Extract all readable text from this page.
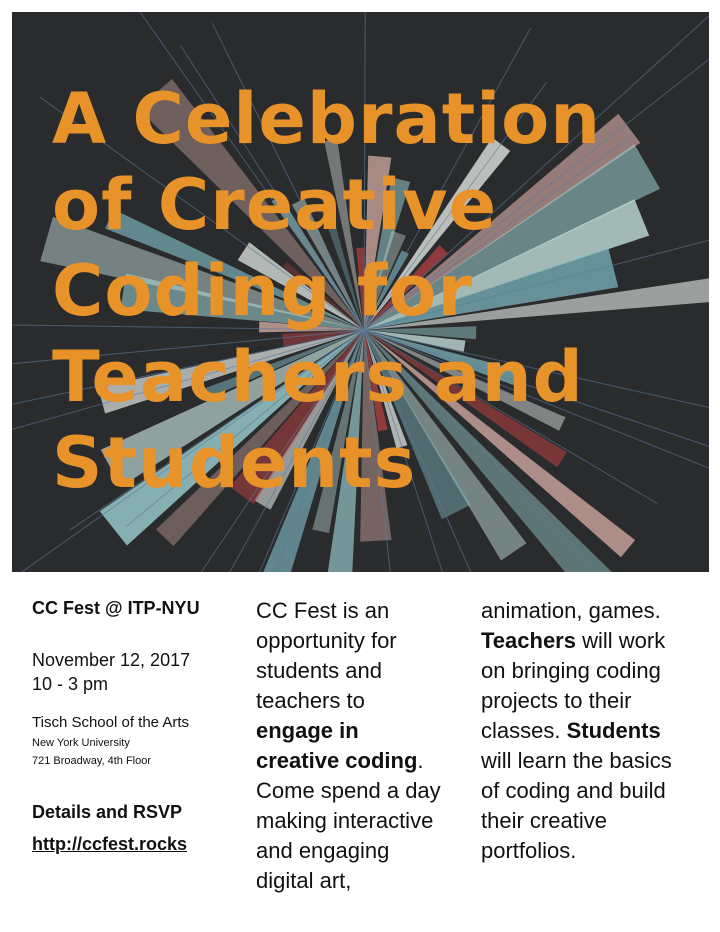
A Celebration
of Creative
Coding for
Teachers and
Students

CC Fest @ ITP-NYU

November 12, 2017

10 - 3 pm

Tisch School of the Arts

New York University

721 Broadway, 4th Floor

Details and RSVP

http://ccfest.rocks

CC Fest is an
opportunity for
students and
teachers to
engage in
creative coding.
Come spend a day
making interactive
and engaging
digital art,

animation, games.
Teachers will work
on bringing coding
projects to their
classes. Students
will learn the basics
of coding and build
their creative
portfolios.
